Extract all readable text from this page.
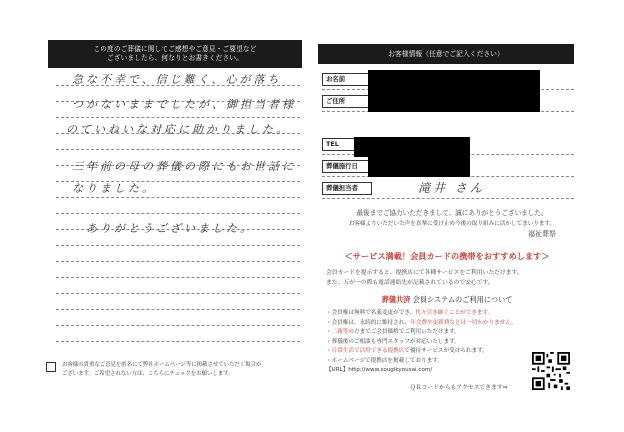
この度のご葬儀に関してご感想やご意見・ご要望など
ございましたら、何なりとお書きください。
急な不幸で、信じ難く、心が落ち
つかないままでしたが、御担当者様
のていねいな対応に助かりました。
三年前の母の葬儀の際にもお世話に
なりました。
ありがとうございました。
お客様の貴重なご意見を匿名にて弊社ホームページ等に掲載させていただく場合が
ございます。ご希望されない方は、こちらにチェックをお願いします。
お客様情報（任意でご記入ください）
お名前
ご住所
TEL
葬儀施行日
葬儀担当者	滝井 さん
最後までご協力いただきまして、誠にありがとうございました。
お客様よりいただいた声を真摯に受け止め今後の取り組みに活かしてまいります。
福祉葬祭
＜サービス満載！会員カードの携帯をおすすめします＞
会員カードを提示すると、提携店にて各種サービスをご利用いただけます。
また、万が一の際も電話連絡先が記載されているので安心です。
葬儀共済 会員システムのご利用について
・会員権は無料で名義変更ができ、代々引き継ぐことができます。
・会員権は、永続的に維持され、年会費や更新費などは一切かかりません。
・二親等の方までご会員価格でご利用いただけます。
・葬儀後のご相談も専門スタッフが対応いたします。
・日常生活で活用できる提携店で優待サービスが受けられます。
・ホームページで提携店を掲載しております。
【URL】http://www.sougikyousai.com/
ＱＲコードからもアクセスできます⇒
